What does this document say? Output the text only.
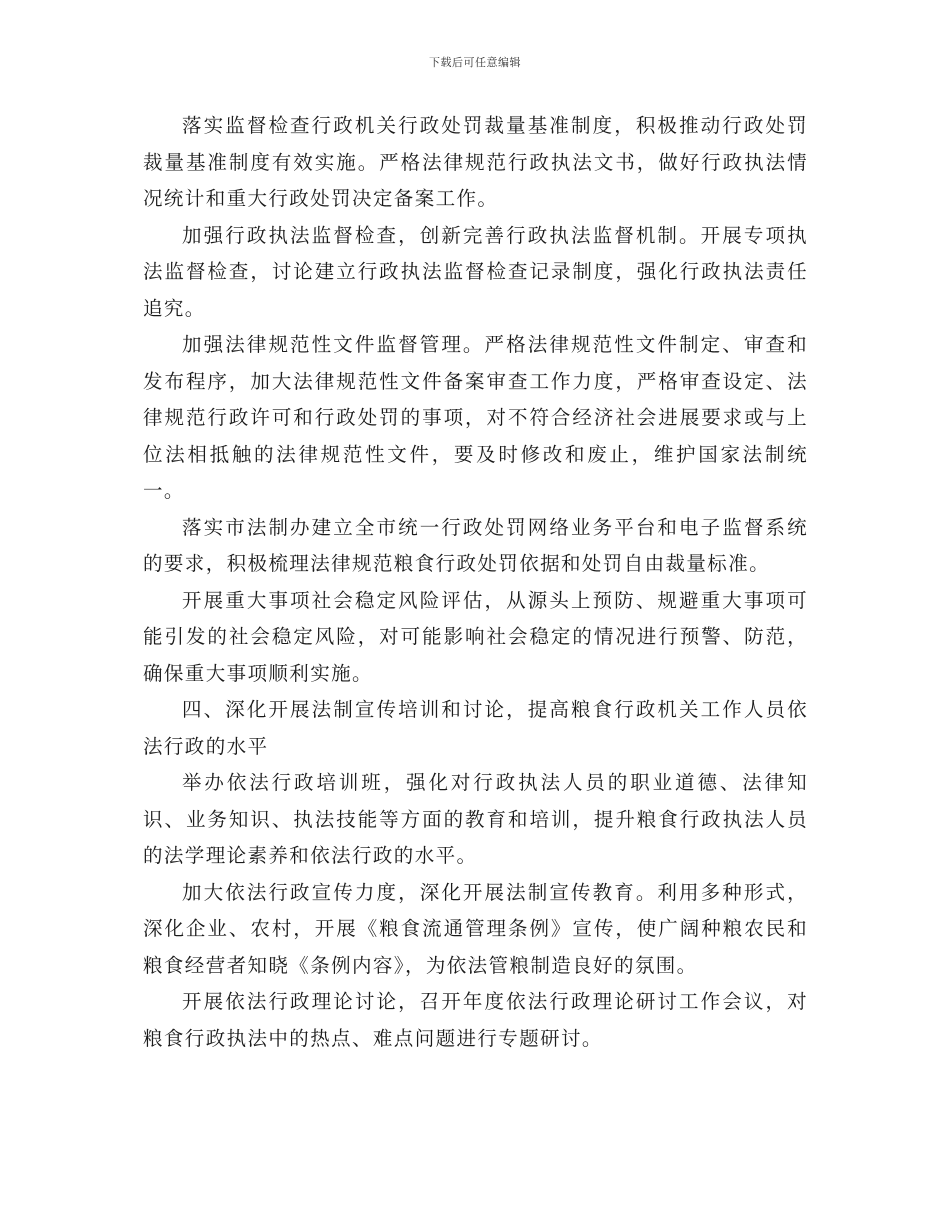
下载后可任意编辑

落实监督检查行政机关行政处罚裁量基准制度，积极推动行政处罚裁量基准制度有效实施。严格法律规范行政执法文书，做好行政执法情况统计和重大行政处罚决定备案工作。

加强行政执法监督检查，创新完善行政执法监督机制。开展专项执法监督检查，讨论建立行政执法监督检查记录制度，强化行政执法责任追究。

加强法律规范性文件监督管理。严格法律规范性文件制定、审查和发布程序，加大法律规范性文件备案审查工作力度，严格审查设定、法律规范行政许可和行政处罚的事项，对不符合经济社会进展要求或与上位法相抵触的法律规范性文件，要及时修改和废止，维护国家法制统一。

落实市法制办建立全市统一行政处罚网络业务平台和电子监督系统的要求，积极梳理法律规范粮食行政处罚依据和处罚自由裁量标准。

开展重大事项社会稳定风险评估，从源头上预防、规避重大事项可能引发的社会稳定风险，对可能影响社会稳定的情况进行预警、防范，确保重大事项顺利实施。

四、深化开展法制宣传培训和讨论，提高粮食行政机关工作人员依法行政的水平

举办依法行政培训班，强化对行政执法人员的职业道德、法律知识、业务知识、执法技能等方面的教育和培训，提升粮食行政执法人员的法学理论素养和依法行政的水平。

加大依法行政宣传力度，深化开展法制宣传教育。利用多种形式，深化企业、农村，开展《粮食流通管理条例》宣传，使广阔种粮农民和粮食经营者知晓《条例内容》，为依法管粮制造良好的氛围。

开展依法行政理论讨论，召开年度依法行政理论研讨工作会议，对粮食行政执法中的热点、难点问题进行专题研讨。
